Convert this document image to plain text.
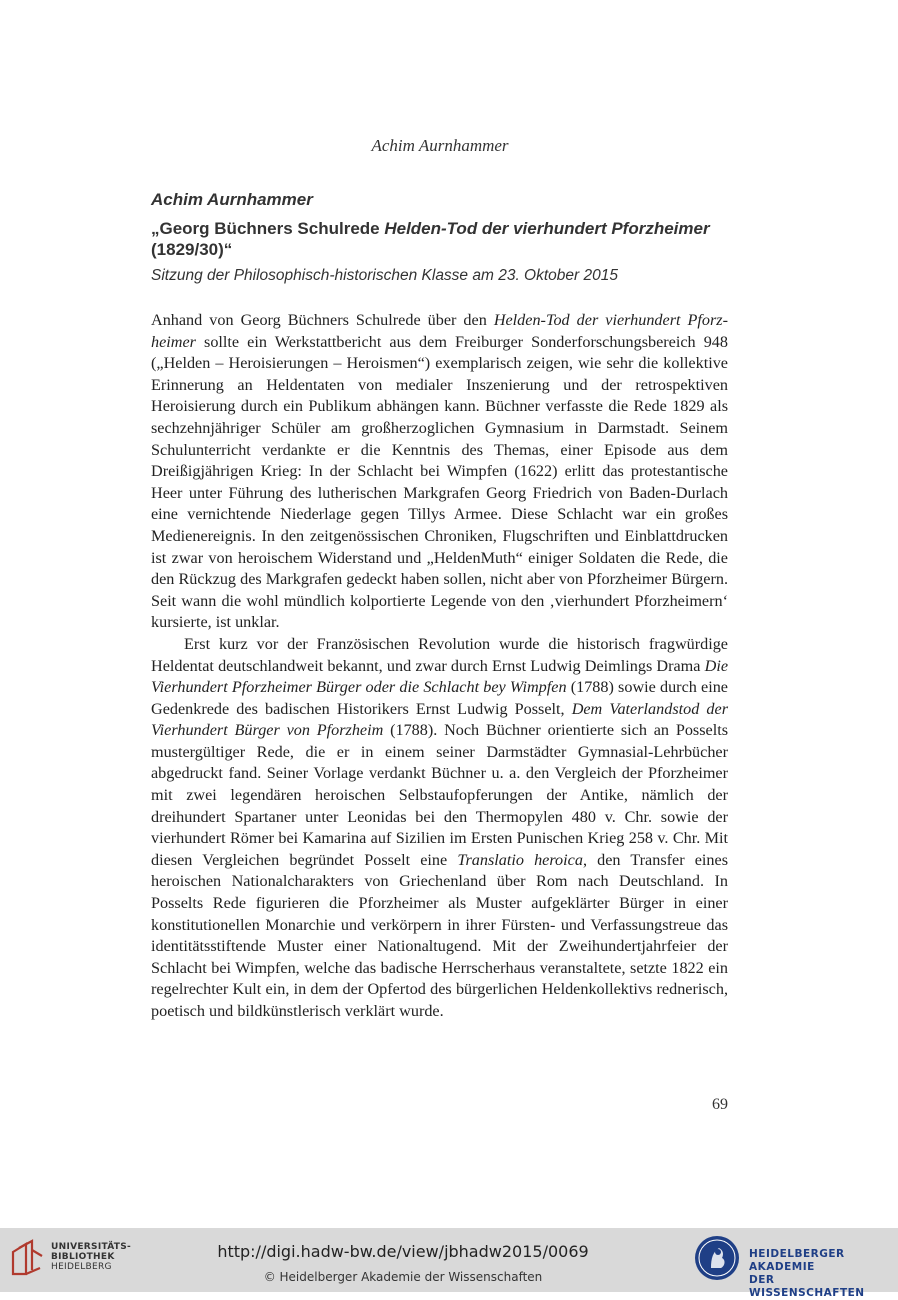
Achim Aurnhammer

Achim Aurnhammer

„Georg Büchners Schulrede Helden-Tod der vierhundert Pforzheimer (1829/30)“

Sitzung der Philosophisch-historischen Klasse am 23. Oktober 2015

Anhand von Georg Büchners Schulrede über den Helden-Tod der vierhundert Pforzheimer sollte ein Werkstattbericht aus dem Freiburger Sonderforschungsbereich 948 („Helden – Heroisierungen – Heroismen“) exemplarisch zeigen, wie sehr die kollektive Erinnerung an Heldentaten von medialer Inszenierung und der retrospektiven Heroisierung durch ein Publikum abhängen kann. Büchner verfasste die Rede 1829 als sechzehnjähriger Schüler am großherzoglichen Gymnasium in Darmstadt. Seinem Schulunterricht verdankte er die Kenntnis des Themas, einer Episode aus dem Dreißigjährigen Krieg: In der Schlacht bei Wimpfen (1622) erlitt das protestantische Heer unter Führung des lutherischen Markgrafen Georg Friedrich von Baden-Durlach eine vernichtende Niederlage gegen Tillys Armee. Diese Schlacht war ein großes Medienereignis. In den zeitgenössischen Chroniken, Flugschriften und Einblattdrucken ist zwar von heroischem Widerstand und „HeldenMuth“ einiger Soldaten die Rede, die den Rückzug des Markgrafen gedeckt haben sollen, nicht aber von Pforzheimer Bürgern. Seit wann die wohl mündlich kolportierte Legende von den ‚vierhundert Pforzheimern‘ kursierte, ist unklar.

Erst kurz vor der Französischen Revolution wurde die historisch fragwürdige Heldentat deutschlandweit bekannt, und zwar durch Ernst Ludwig Deimlings Drama Die Vierhundert Pforzheimer Bürger oder die Schlacht bey Wimpfen (1788) sowie durch eine Gedenkrede des badischen Historikers Ernst Ludwig Posselt, Dem Vaterlandstod der Vierhundert Bürger von Pforzheim (1788). Noch Büchner orientierte sich an Posselts mustergültiger Rede, die er in einem seiner Darmstädter Gymnasial-Lehrbücher abgedruckt fand. Seiner Vorlage verdankt Büchner u. a. den Vergleich der Pforzheimer mit zwei legendären heroischen Selbstaufopferungen der Antike, nämlich der dreihundert Spartaner unter Leonidas bei den Thermopylen 480 v. Chr. sowie der vierhundert Römer bei Kamarina auf Sizilien im Ersten Punischen Krieg 258 v. Chr. Mit diesen Vergleichen begründet Posselt eine Translatio heroica, den Transfer eines heroischen Nationalcharakters von Griechenland über Rom nach Deutschland. In Posselts Rede figurieren die Pforzheimer als Muster aufgeklärter Bürger in einer konstitutionellen Monarchie und verkörpern in ihrer Fürsten- und Verfassungstreue das identitätsstiftende Muster einer Nationaltugend. Mit der Zweihundertjahrfeier der Schlacht bei Wimpfen, welche das badische Herrscherhaus veranstaltete, setzte 1822 ein regelrechter Kult ein, in dem der Opfertod des bürgerlichen Heldenkollektivs rednerisch, poetisch und bildkünstlerisch verklärt wurde.

69
UNIVERSITÄTS-
BIBLIOTHEK
HEIDELBERG
http://digi.hadw-bw.de/view/jbhadw2015/0069
© Heidelberger Akademie der Wissenschaften
HEIDELBERGER AKADEMIE
DER WISSENSCHAFTEN
